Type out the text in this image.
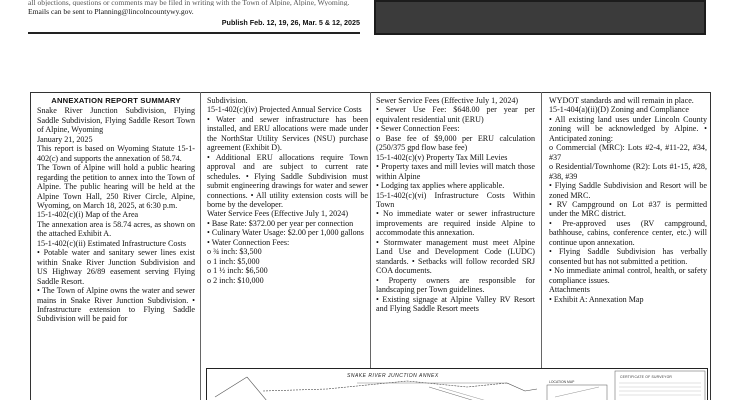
all objections, questions or comments may be filed in writing with the Town of Alpine, Alpine, Wyoming.
Emails can be sent to Planning@lincolncountywy.gov.
Publish Feb. 12, 19, 26, Mar. 5 & 12, 2025
ANNEXATION REPORT SUMMARY

Snake River Junction Subdivision, Flying Saddle Subdivision, Flying Saddle Resort Town of Alpine, Wyoming

January 21, 2025

This report is based on Wyoming Statute 15-1-402(c) and supports the annexation of 58.74.

The Town of Alpine will hold a public hearing regarding the petition to annex into the Town of Alpine. The public hearing will be held at the Alpine Town Hall, 250 River Circle, Alpine, Wyoming, on March 18, 2025, at 6:30 p.m.

15-1-402(c)(i) Map of the Area

The annexation area is 58.74 acres, as shown on the attached Exhibit A.

15-1-402(c)(ii) Estimated Infrastructure Costs

• Potable water and sanitary sewer lines exist within Snake River Junction Subdivision and US Highway 26/89 easement serving Flying Saddle Resort.

• The Town of Alpine owns the water and sewer mains in Snake River Junction Subdivision. • Infrastructure extension to Flying Saddle Subdivision will be paid for

Subdivision.

15-1-402(c)(iv) Projected Annual Service Costs

• Water and sewer infrastructure has been installed, and ERU allocations were made under the NorthStar Utility Services (NSU) purchase agreement (Exhibit D).

• Additional ERU allocations require Town approval and are subject to current rate schedules. • Flying Saddle Subdivision must submit engineering drawings for water and sewer connections. • All utility extension costs will be borne by the developer.

Water Service Fees (Effective July 1, 2024)

• Base Rate: $372.00 per year per connection

• Culinary Water Usage: $2.00 per 1,000 gallons

• Water Connection Fees:

o ¾ inch: $3,500

o 1 inch: $5,000

o 1 ½ inch: $6,500

o 2 inch: $10,000

Sewer Service Fees (Effective July 1, 2024)

• Sewer Use Fee: $648.00 per year per equivalent residential unit (ERU)

• Sewer Connection Fees:

o Base fee of $9,000 per ERU calculation (250/375 gpd flow base fee)

15-1-402(c)(v) Property Tax Mill Levies

• Property taxes and mill levies will match those within Alpine

• Lodging tax applies where applicable.

15-1-402(c)(vi) Infrastructure Costs Within Town

• No immediate water or sewer infrastructure improvements are required inside Alpine to accommodate this annexation.

• Stormwater management must meet Alpine Land Use and Development Code (LUDC) standards. • Setbacks will follow recorded SRJ COA documents.

• Property owners are responsible for landscaping per Town guidelines.

• Existing signage at Alpine Valley RV Resort and Flying Saddle Resort meets

WYDOT standards and will remain in place.

15-1-404(a)(ii)(D) Zoning and Compliance

• All existing land uses under Lincoln County zoning will be acknowledged by Alpine. • Anticipated zoning:

o Commercial (MRC): Lots #2-4, #11-22, #34, #37

o Residential/Townhome (R2): Lots #1-15, #28, #38, #39

• Flying Saddle Subdivision and Resort will be zoned MRC.

• RV Campground on Lot #37 is permitted under the MRC district.

• Pre-approved uses (RV campground, bathhouse, cabins, conference center, etc.) will continue upon annexation.

• Flying Saddle Subdivision has verbally consented but has not submitted a petition.

• No immediate animal control, health, or safety compliance issues.

Attachments

• Exhibit A: Annexation Map

LOCATION MAP
SNAKE RIVER JUNCTION ANNEX	CERTIFICATE OF SURVEYOR
